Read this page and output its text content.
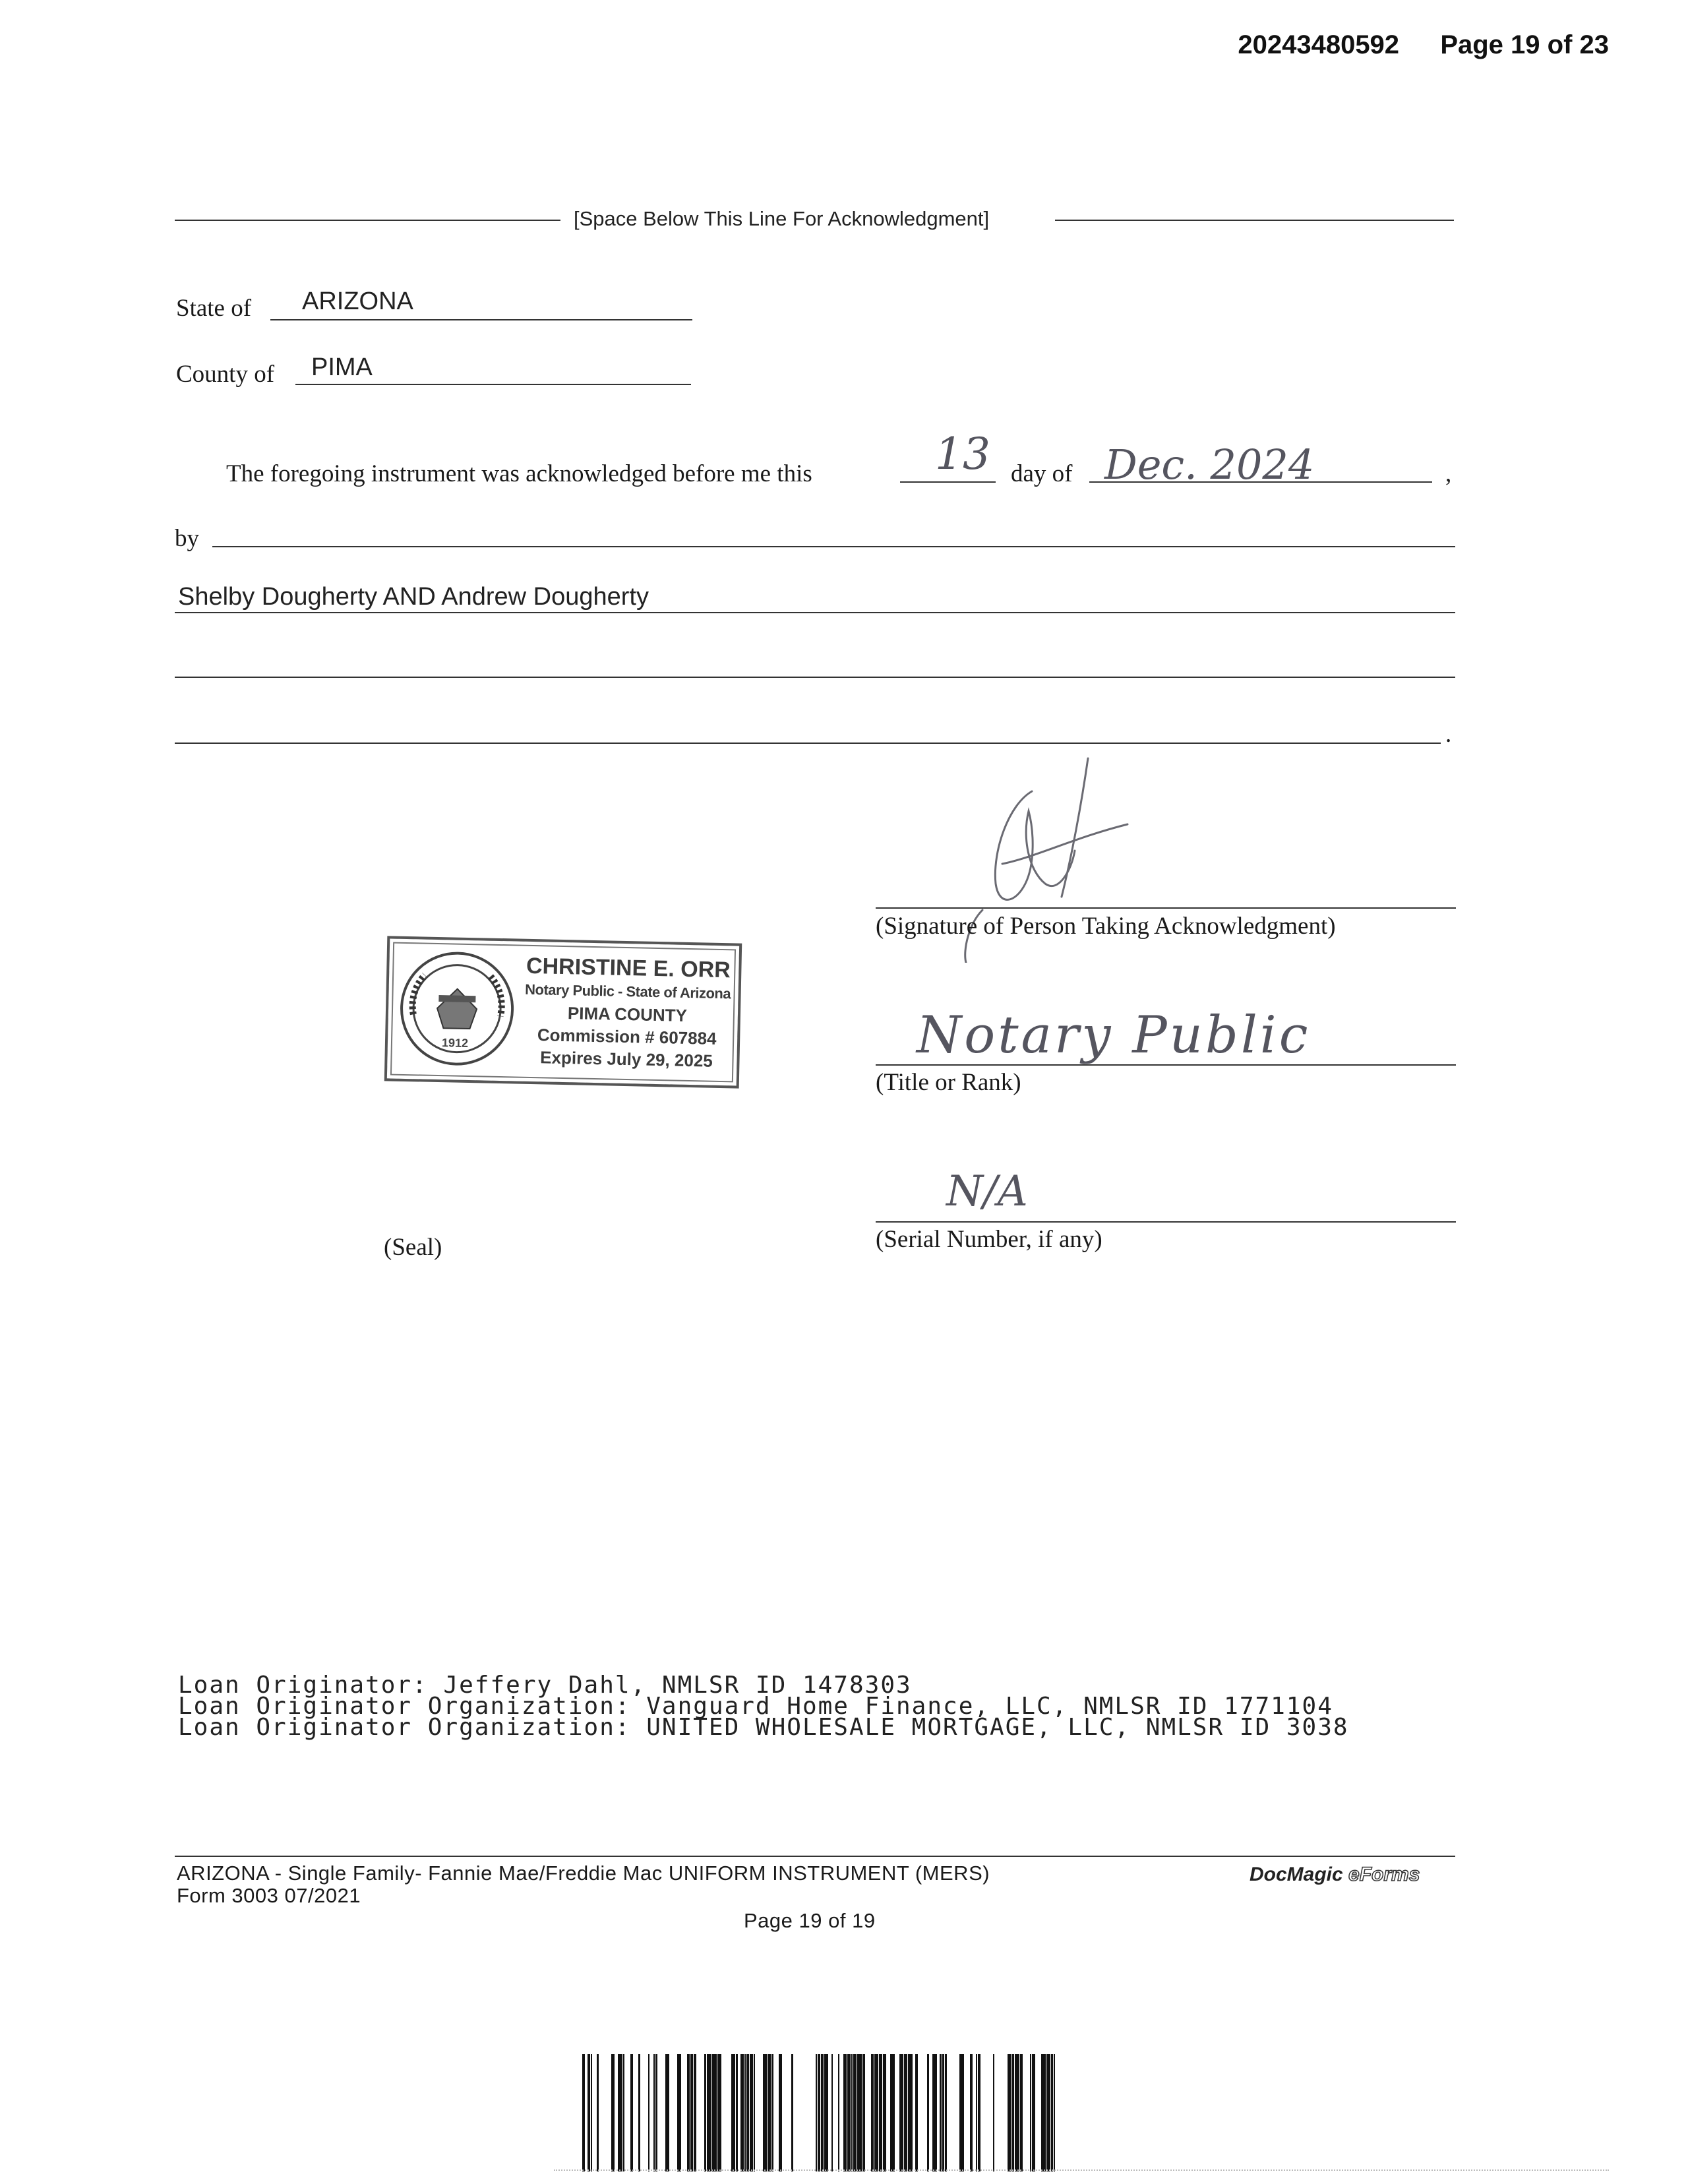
20243480592 Page 19 of 23
[Space Below This Line For Acknowledgment]
State of ARIZONA
County of PIMA
The foregoing instrument was acknowledged before me this	13 day of Dec. 2024	,
by
Shelby Dougherty AND Andrew Dougherty
.
(Signature of Person Taking Acknowledgment)
1912
CHRISTINE E. ORR
Notary Public - State of Arizona
PIMA COUNTY
Commission # 607884
Expires July 29, 2025	Notary Public
(Title or Rank)
N/A
(Serial Number, if any)
(Seal)
Loan Originator: Jeffery Dahl, NMLSR ID 1478303
Loan Originator Organization: Vanguard Home Finance, LLC, NMLSR ID 1771104
Loan Originator Organization: UNITED WHOLESALE MORTGAGE, LLC, NMLSR ID 3038
ARIZONA - Single Family- Fannie Mae/Freddie Mac UNIFORM INSTRUMENT (MERS)
Form 3003 07/2021
DocMagic eForms
Page 19 of 19
